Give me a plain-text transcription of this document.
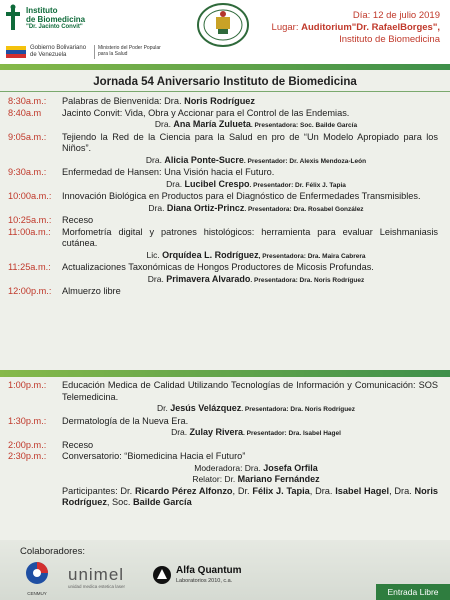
Instituto
de Biomedicina
"Dr. Jacinto Convit"
Gobierno Bolivariano
de Venezuela
Ministerio del Poder Popular
para la Salud
Día: 12 de julio 2019
Lugar: Auditorium"Dr. RafaelBorges",
Instituto de Biomedicina
Jornada 54 Aniversario Instituto de Biomedicina
8:30a.m.:	Palabras de Bienvenida: Dra. Noris Rodríguez
8:40a.m	Jacinto Convit: Vida, Obra y Accionar para el Control de las Endemias.
Dra. Ana María Zulueta. Presentadora: Soc. Bailde García
9:05a.m.:	Tejiendo la Red de la Ciencia para la Salud en pro de “Un Modelo Apropiado para los Niños”.
Dra. Alicia Ponte-Sucre. Presentador: Dr. Alexis Mendoza-León
9:30a.m.:	Enfermedad de Hansen: Una Visión hacia el Futuro.
Dra. Lucibel Crespo. Presentador: Dr. Félix J. Tapia
10:00a.m.:	Innovación Biológica en Productos para el Diagnóstico de Enfermedades Transmisibles.
Dra. Diana Ortiz-Princz. Presentadora: Dra. Rosabel González
10:25a.m.:	Receso
11:00a.m.:	Morfometría digital y patrones histológicos: herramienta para evaluar Leishmaniasis cutánea.
Lic. Orquídea L. Rodríguez, Presentadora: Dra. Maira Cabrera
11:25a.m.:	Actualizaciones Taxonómicas de Hongos Productores de Micosis Profundas.
Dra. Primavera Alvarado. Presentadora: Dra. Noris Rodríguez
12:00p.m.:	Almuerzo libre
1:00p.m.:	Educación Medica de Calidad Utilizando Tecnologías de Información y Comunicación: SOS Telemedicina.
Dr. Jesús Velázquez. Presentadora: Dra. Noris Rodríguez
1:30p.m.:	Dermatología de la Nueva Era.
Dra. Zulay Rivera. Presentador: Dra. Isabel Hagel
2:00p.m.:	Receso
2:30p.m.:	Conversatorio: “Biomedicina Hacia el Futuro”
Moderadora: Dra. Josefa Orfila
Relator: Dr. Mariano Fernández
Participantes: Dr. Ricardo Pérez Alfonzo, Dr. Félix J. Tapia, Dra. Isabel Hagel, Dra. Noris Rodríguez, Soc. Bailde García
Colaboradores:
CENMUY
unimel
unidad medica estetica laser
Alfa Quantum
Laboratorios 2010, c.a.
Entrada Libre
